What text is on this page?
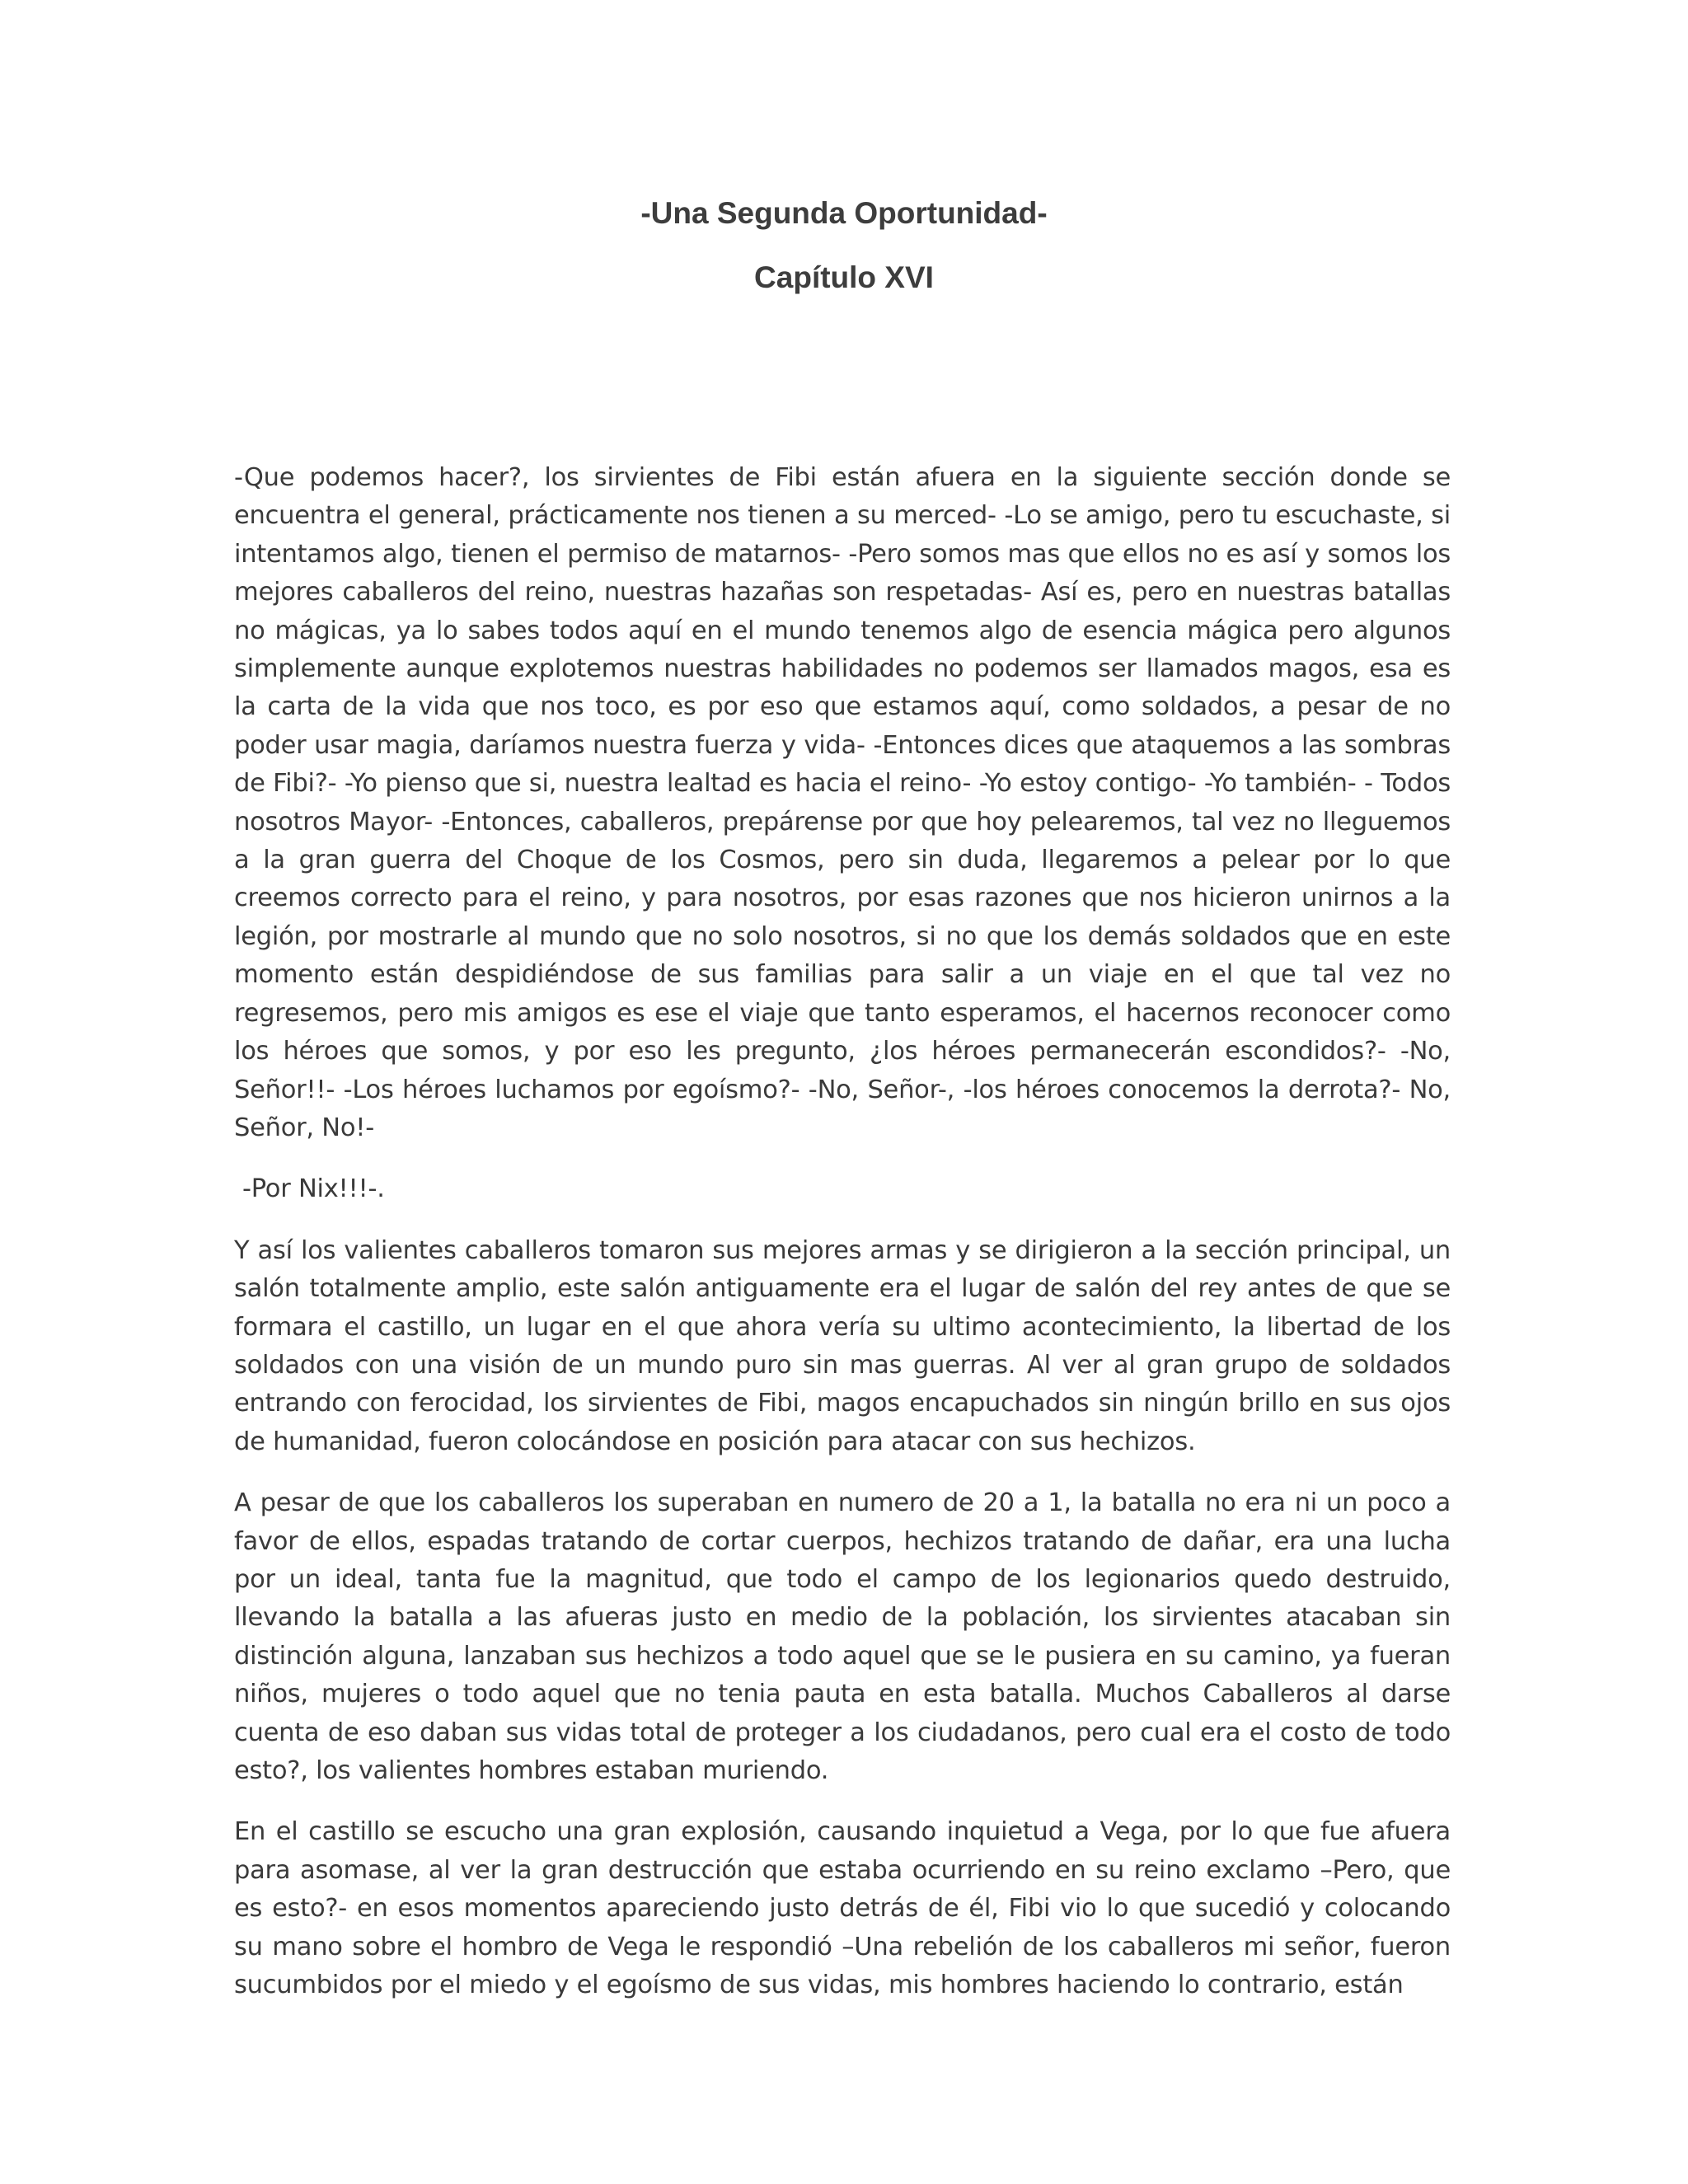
-Una Segunda Oportunidad-
Capítulo XVI

-Que podemos hacer?, los sirvientes de Fibi están afuera en la siguiente sección donde se encuentra el general, prácticamente nos tienen a su merced- -Lo se amigo, pero tu escuchaste, si intentamos algo, tienen el permiso de matarnos- -Pero somos mas que ellos no es así y somos los mejores caballeros del reino, nuestras hazañas son respetadas- Así es, pero en nuestras batallas no mágicas, ya lo sabes todos aquí en el mundo tenemos algo de esencia mágica pero algunos simplemente aunque explotemos nuestras habilidades no podemos ser llamados magos, esa es la carta de la vida que nos toco, es por eso que estamos aquí, como soldados, a pesar de no poder usar magia, daríamos nuestra fuerza y vida- -Entonces dices que ataquemos a las sombras de Fibi?- -Yo pienso que si, nuestra lealtad es hacia el reino- -Yo estoy contigo- -Yo también- - Todos nosotros Mayor- -Entonces, caballeros, prepárense por que hoy pelearemos, tal vez no lleguemos a la gran guerra del Choque de los Cosmos, pero sin duda, llegaremos a pelear por lo que creemos correcto para el reino, y para nosotros, por esas razones que nos hicieron unirnos a la legión, por mostrarle al mundo que no solo nosotros, si no que los demás soldados que en este momento están despidiéndose de sus familias para salir a un viaje en el que tal vez no regresemos, pero mis amigos es ese el viaje que tanto esperamos, el hacernos reconocer como los héroes que somos, y por eso les pregunto, ¿los héroes permanecerán escondidos?- -No, Señor!!- -Los héroes luchamos por egoísmo?- -No, Señor-, -los héroes conocemos la derrota?- No, Señor, No!-

-Por Nix!!!-.

Y así los valientes caballeros tomaron sus mejores armas y se dirigieron a la sección principal, un salón totalmente amplio, este salón antiguamente era el lugar de salón del rey antes de que se formara el castillo, un lugar en el que ahora vería su ultimo acontecimiento, la libertad de los soldados con una visión de un mundo puro sin mas guerras. Al ver al gran grupo de soldados entrando con ferocidad, los sirvientes de Fibi, magos encapuchados sin ningún brillo en sus ojos de humanidad, fueron colocándose en posición para atacar con sus hechizos.

A pesar de que los caballeros los superaban en numero de 20 a 1, la batalla no era ni un poco a favor de ellos, espadas tratando de cortar cuerpos, hechizos tratando de dañar, era una lucha por un ideal, tanta fue la magnitud, que todo el campo de los legionarios quedo destruido, llevando la batalla a las afueras justo en medio de la población, los sirvientes atacaban sin distinción alguna, lanzaban sus hechizos a todo aquel que se le pusiera en su camino, ya fueran niños, mujeres o todo aquel que no tenia pauta en esta batalla. Muchos Caballeros al darse cuenta de eso daban sus vidas total de proteger a los ciudadanos, pero cual era el costo de todo esto?, los valientes hombres estaban muriendo.

En el castillo se escucho una gran explosión, causando inquietud a Vega, por lo que fue afuera para asomase, al ver la gran destrucción que estaba ocurriendo en su reino exclamo –Pero, que es esto?- en esos momentos apareciendo justo detrás de él, Fibi vio lo que sucedió y colocando su mano sobre el hombro de Vega le respondió –Una rebelión de los caballeros mi señor, fueron sucumbidos por el miedo y el egoísmo de sus vidas, mis hombres haciendo lo contrario, están
